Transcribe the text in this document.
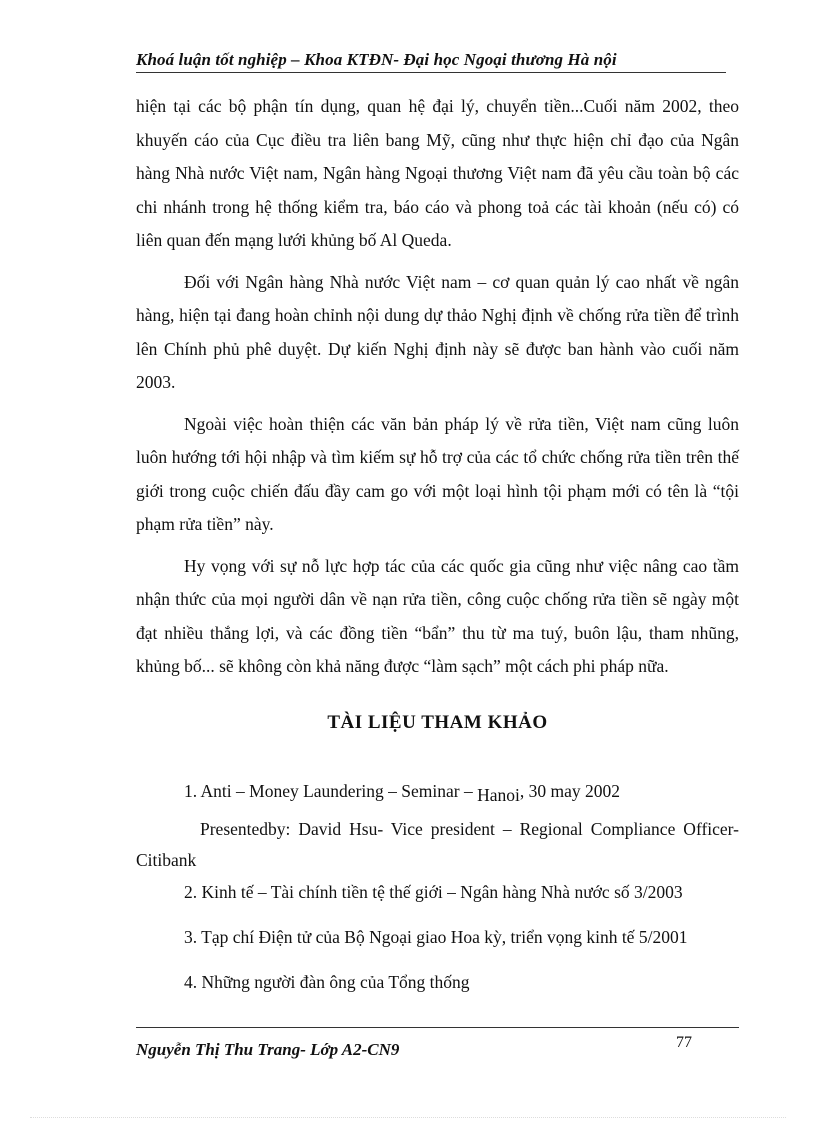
Khoá luận tốt nghiệp – Khoa KTĐN- Đại học Ngoại thương Hà nội

hiện tại các bộ phận tín dụng, quan hệ đại lý, chuyển tiền...Cuối năm 2002, theo khuyến cáo của Cục điều tra liên bang Mỹ, cũng như thực hiện chỉ đạo của Ngân hàng Nhà nước Việt nam, Ngân hàng Ngoại thương Việt nam đã yêu cầu toàn bộ các chi nhánh trong hệ thống kiểm tra, báo cáo và phong toả các tài khoản (nếu có) có liên quan đến mạng lưới khủng bố Al Queda.

Đối với Ngân hàng Nhà nước Việt nam – cơ quan quản lý cao nhất về ngân hàng, hiện tại đang hoàn chỉnh nội dung dự thảo Nghị định về chống rửa tiền để trình lên Chính phủ phê duyệt. Dự kiến Nghị định này sẽ được ban hành vào cuối năm 2003.

Ngoài việc hoàn thiện các văn bản pháp lý về rửa tiền, Việt nam cũng luôn luôn hướng tới hội nhập và tìm kiếm sự hỗ trợ của các tổ chức chống rửa tiền trên thế giới trong cuộc chiến đấu đầy cam go với một loại hình tội phạm mới có tên là “tội phạm rửa tiền” này.

Hy vọng với sự nỗ lực hợp tác của các quốc gia cũng như việc nâng cao tầm nhận thức của mọi người dân về nạn rửa tiền, công cuộc chống rửa tiền sẽ ngày một đạt nhiều thắng lợi, và các đồng tiền “bẩn” thu từ ma tuý, buôn lậu, tham nhũng, khủng bố... sẽ không còn khả năng được “làm sạch” một cách phi pháp nữa.

TÀI LIỆU THAM KHẢO

1. Anti – Money Laundering – Seminar – Hanoi, 30 may 2002

Presentedby: David Hsu- Vice president – Regional Compliance Officer- Citibank

2. Kinh tế – Tài chính tiền tệ thế giới – Ngân hàng Nhà nước số 3/2003

3. Tạp chí Điện tử của Bộ Ngoại giao Hoa kỳ, triển vọng kinh tế 5/2001

4. Những người đàn ông của Tổng thống

Nguyễn Thị Thu Trang- Lớp A2-CN9	77
